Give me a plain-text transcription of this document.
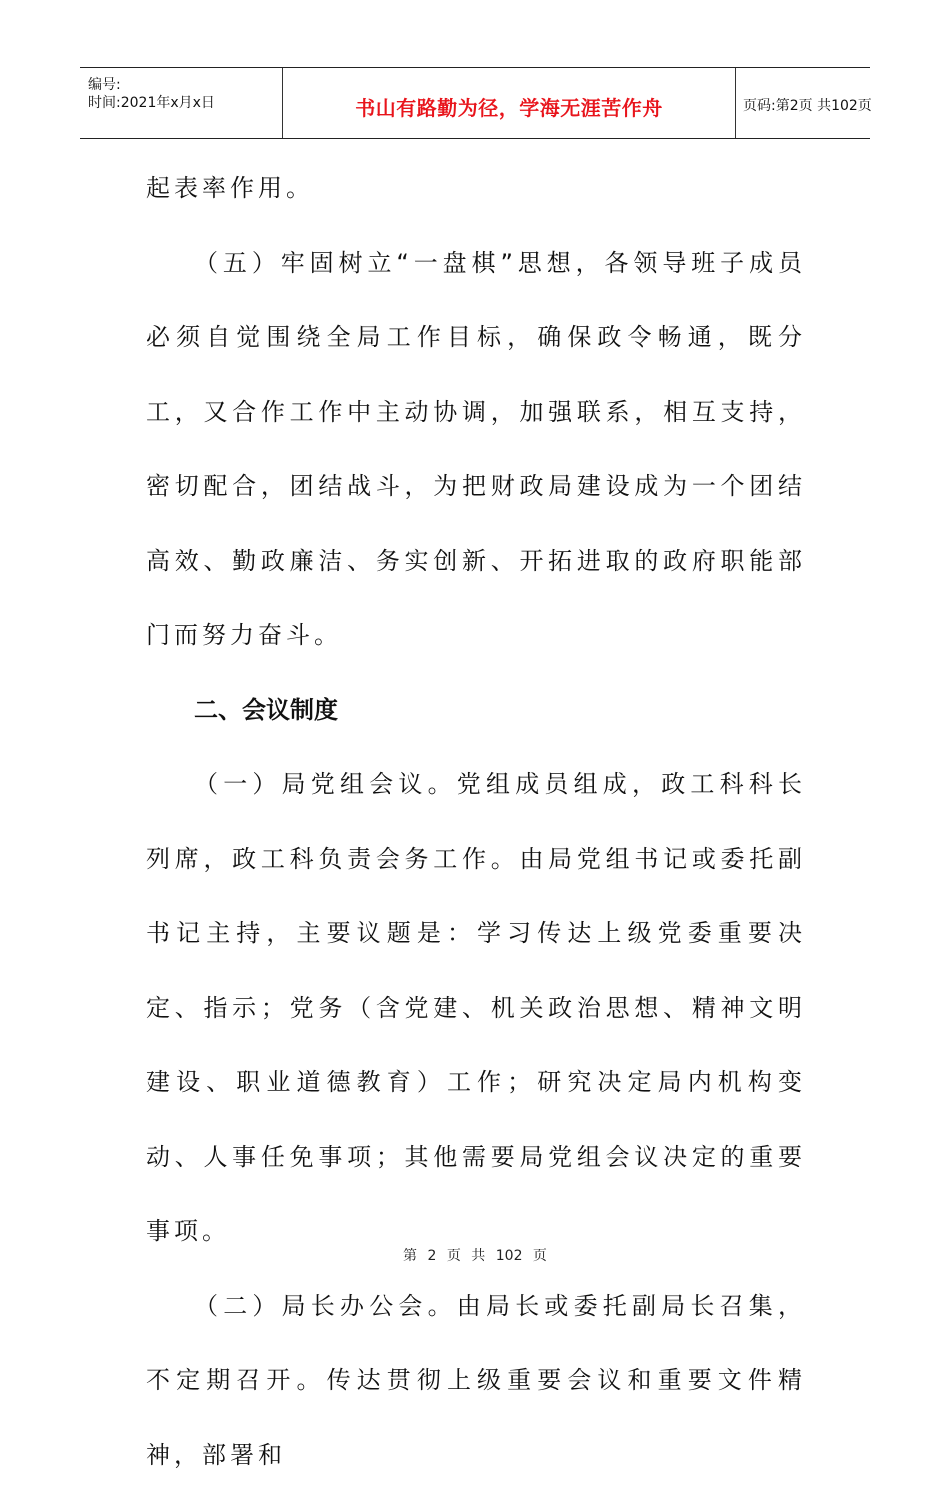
编号:
时间:2021年x月x日	书山有路勤为径，学海无涯苦作舟	页码:第2页 共102页

起表率作用。

（五）牢固树立“一盘棋”思想，各领导班子成员必须自觉围绕全局工作目标，确保政令畅通，既分工，又合作工作中主动协调，加强联系，相互支持，密切配合，团结战斗，为把财政局建设成为一个团结高效、勤政廉洁、务实创新、开拓进取的政府职能部门而努力奋斗。

二、会议制度

（一）局党组会议。党组成员组成，政工科科长列席，政工科负责会务工作。由局党组书记或委托副书记主持，主要议题是：学习传达上级党委重要决定、指示；党务（含党建、机关政治思想、精神文明建设、职业道德教育）工作；研究决定局内机构变动、人事任免事项；其他需要局党组会议决定的重要事项。

（二）局长办公会。由局长或委托副局长召集，不定期召开。传达贯彻上级重要会议和重要文件精神，部署和

第 2 页 共 102 页
